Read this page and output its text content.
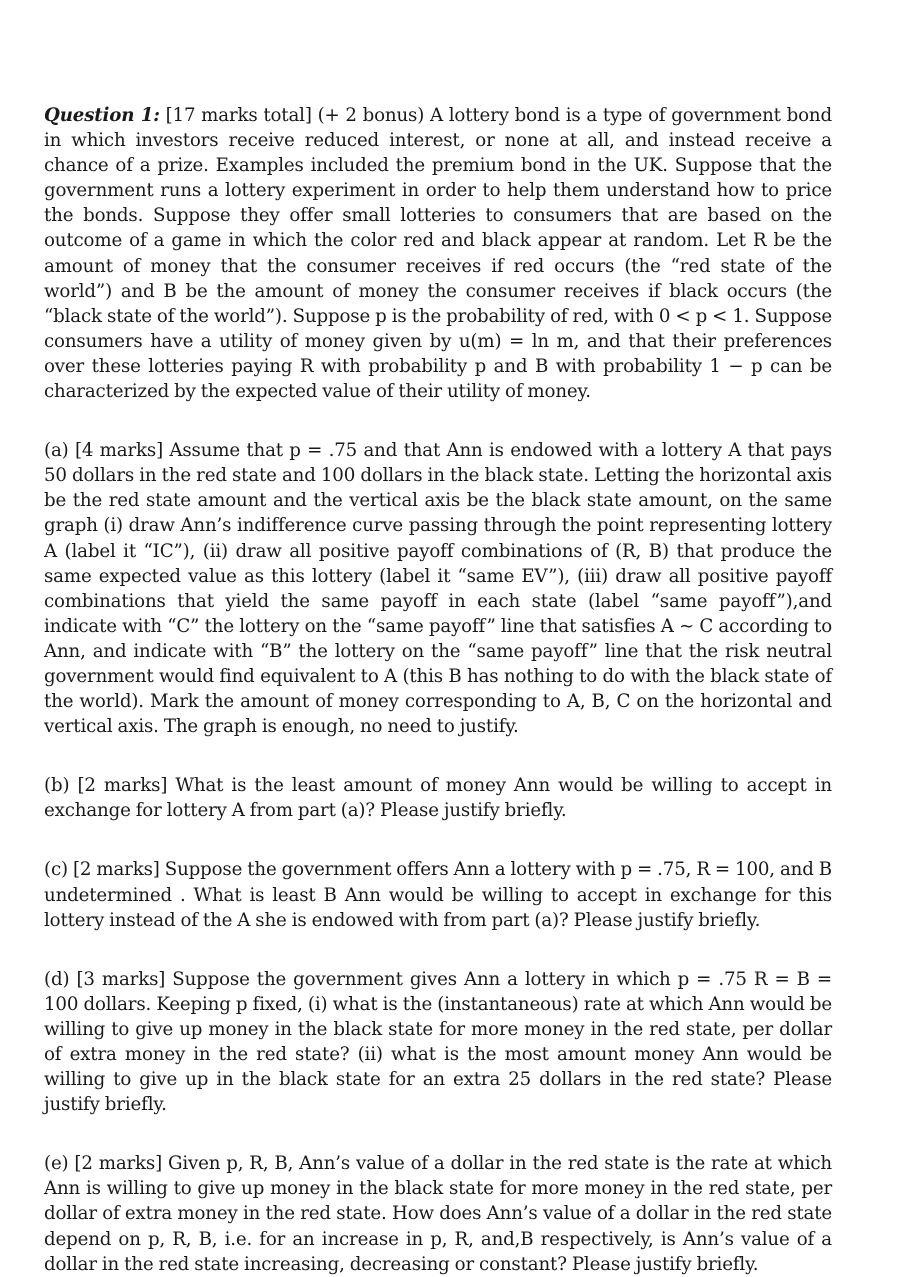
Question 1: [17 marks total] (+ 2 bonus) A lottery bond is a type of government bond in which investors receive reduced interest, or none at all, and instead receive a chance of a prize. Examples included the premium bond in the UK. Suppose that the government runs a lottery experiment in order to help them understand how to price the bonds. Suppose they offer small lotteries to consumers that are based on the outcome of a game in which the color red and black appear at random. Let R be the amount of money that the consumer receives if red occurs (the “red state of the world”) and B be the amount of money the consumer receives if black occurs (the “black state of the world”). Suppose p is the probability of red, with 0 < p < 1. Suppose consumers have a utility of money given by u(m) = ln m, and that their preferences over these lotteries paying R with probability p and B with probability 1 − p can be characterized by the expected value of their utility of money.

(a) [4 marks] Assume that p = .75 and that Ann is endowed with a lottery A that pays 50 dollars in the red state and 100 dollars in the black state. Letting the horizontal axis be the red state amount and the vertical axis be the black state amount, on the same graph (i) draw Ann’s indifference curve passing through the point representing lottery A (label it “IC”), (ii) draw all positive payoff combinations of (R, B) that produce the same expected value as this lottery (label it “same EV”), (iii) draw all positive payoff combinations that yield the same payoff in each state (label “same payoff”),and indicate with “C” the lottery on the “same payoff” line that satisfies A ∼ C according to Ann, and indicate with “B” the lottery on the “same payoff” line that the risk neutral government would find equivalent to A (this B has nothing to do with the black state of the world). Mark the amount of money corresponding to A, B, C on the horizontal and vertical axis. The graph is enough, no need to justify.

(b) [2 marks] What is the least amount of money Ann would be willing to accept in exchange for lottery A from part (a)? Please justify briefly.

(c) [2 marks] Suppose the government offers Ann a lottery with p = .75, R = 100, and B undetermined . What is least B Ann would be willing to accept in exchange for this lottery instead of the A she is endowed with from part (a)? Please justify briefly.

(d) [3 marks] Suppose the government gives Ann a lottery in which p = .75 R = B = 100 dollars. Keeping p fixed, (i) what is the (instantaneous) rate at which Ann would be willing to give up money in the black state for more money in the red state, per dollar of extra money in the red state? (ii) what is the most amount money Ann would be willing to give up in the black state for an extra 25 dollars in the red state? Please justify briefly.

(e) [2 marks] Given p, R, B, Ann’s value of a dollar in the red state is the rate at which Ann is willing to give up money in the black state for more money in the red state, per dollar of extra money in the red state. How does Ann’s value of a dollar in the red state depend on p, R, B, i.e. for an increase in p, R, and,B respectively, is Ann’s value of a dollar in the red state increasing, decreasing or constant? Please justify briefly.
